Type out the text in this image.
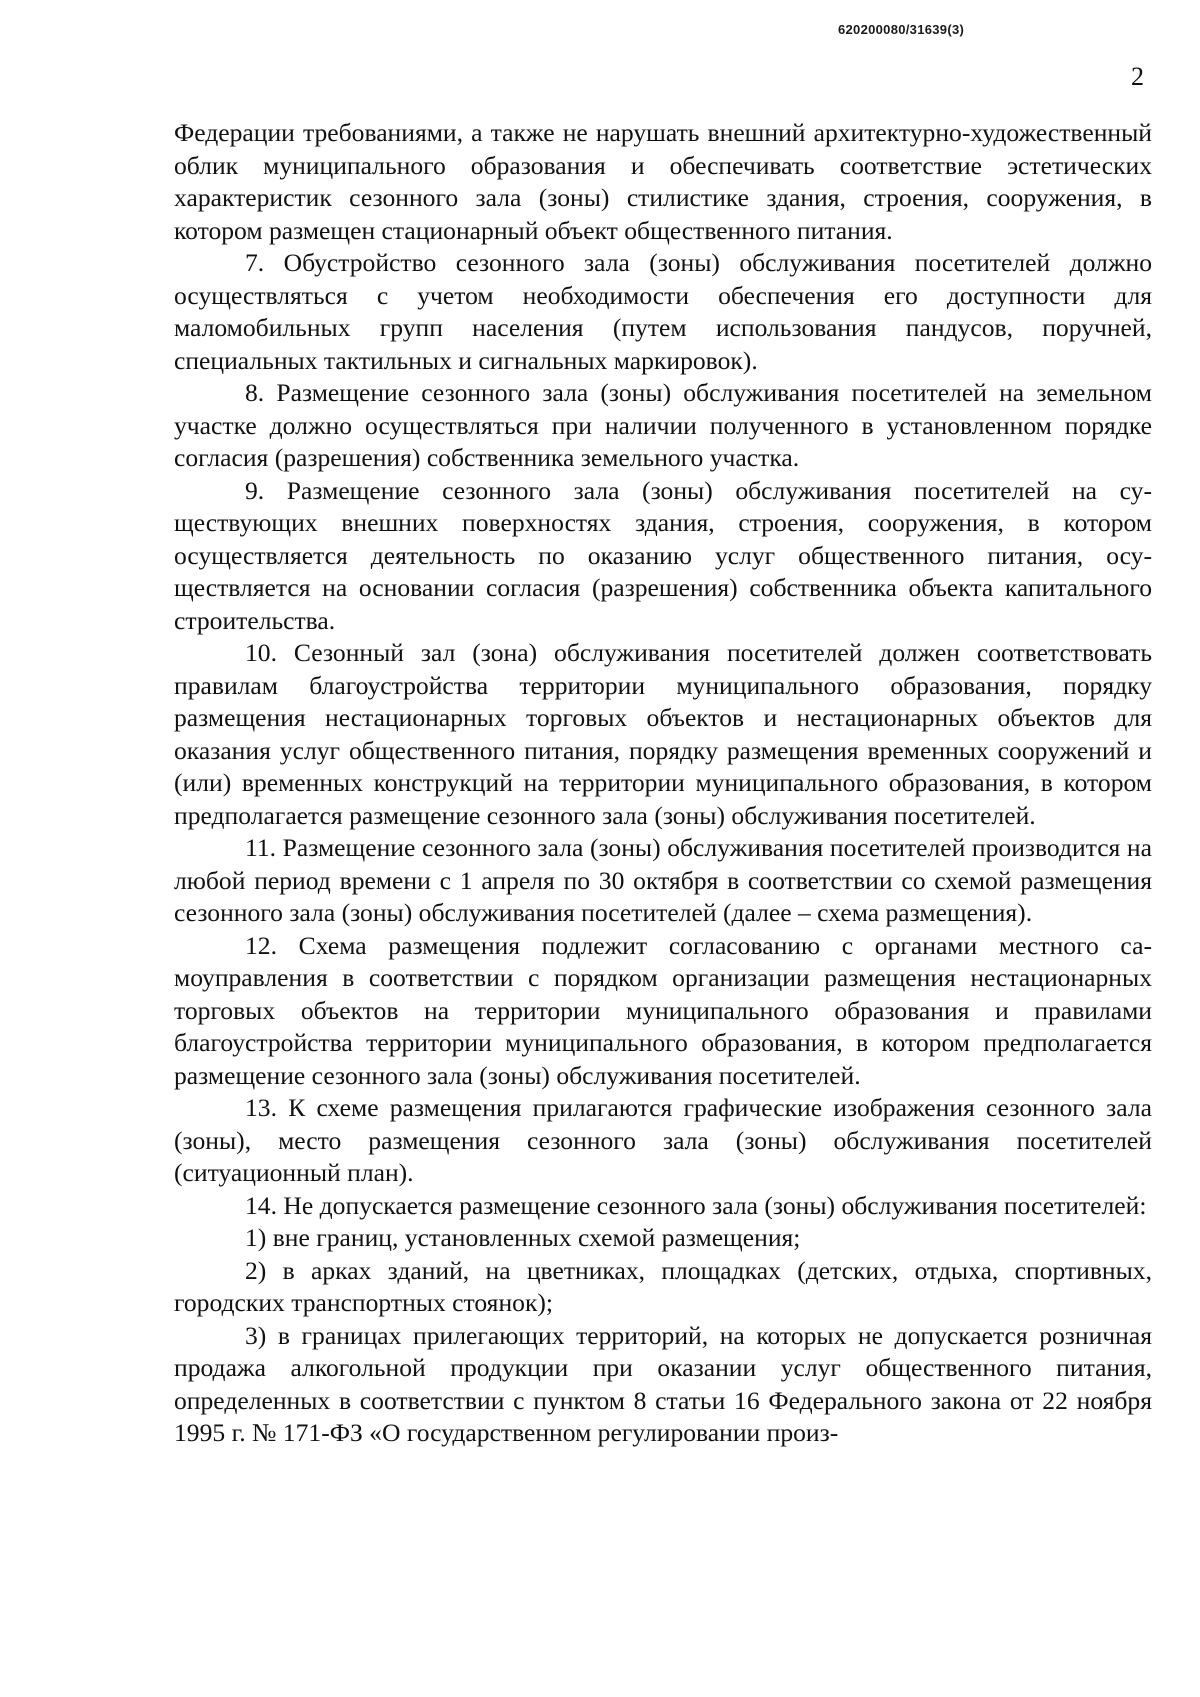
620200080/31639(3)
2

Федерации требованиями, а также не нарушать внешний архитектурно-художественный облик муниципального образования и обеспечивать соответствие эстетических характеристик сезонного зала (зоны) стилистике здания, строения, сооружения, в котором размещен стационарный объект общественного питания.

7. Обустройство сезонного зала (зоны) обслуживания посетителей должно осуществляться с учетом необходимости обеспечения его доступности для маломобильных групп населения (путем использования пандусов, поручней, специальных тактильных и сигнальных маркировок).

8. Размещение сезонного зала (зоны) обслуживания посетителей на земельном участке должно осуществляться при наличии полученного в установленном порядке согласия (разрешения) собственника земельного участка.

9. Размещение сезонного зала (зоны) обслуживания посетителей на существующих внешних поверхностях здания, строения, сооружения, в котором осуществляется деятельность по оказанию услуг общественного питания, осуществляется на основании согласия (разрешения) собственника объекта капитального строительства.

10. Сезонный зал (зона) обслуживания посетителей должен соответствовать правилам благоустройства территории муниципального образования, порядку размещения нестационарных торговых объектов и нестационарных объектов для оказания услуг общественного питания, порядку размещения временных сооружений и (или) временных конструкций на территории муниципального образования, в котором предполагается размещение сезонного зала (зоны) обслуживания посетителей.

11. Размещение сезонного зала (зоны) обслуживания посетителей производится на любой период времени с 1 апреля по 30 октября в соответствии со схемой размещения сезонного зала (зоны) обслуживания посетителей (далее – схема размещения).

12. Схема размещения подлежит согласованию с органами местного самоуправления в соответствии с порядком организации размещения нестационарных торговых объектов на территории муниципального образования и правилами благоустройства территории муниципального образования, в котором предполагается размещение сезонного зала (зоны) обслуживания посетителей.

13. К схеме размещения прилагаются графические изображения сезонного зала (зоны), место размещения сезонного зала (зоны) обслуживания посетителей (ситуационный план).

14. Не допускается размещение сезонного зала (зоны) обслуживания посетителей:

1) вне границ, установленных схемой размещения;

2) в арках зданий, на цветниках, площадках (детских, отдыха, спортивных, городских транспортных стоянок);

3) в границах прилегающих территорий, на которых не допускается розничная продажа алкогольной продукции при оказании услуг общественного питания, определенных в соответствии с пунктом 8 статьи 16 Федерального закона от 22 ноября 1995 г. № 171-ФЗ «О государственном регулировании произ-
